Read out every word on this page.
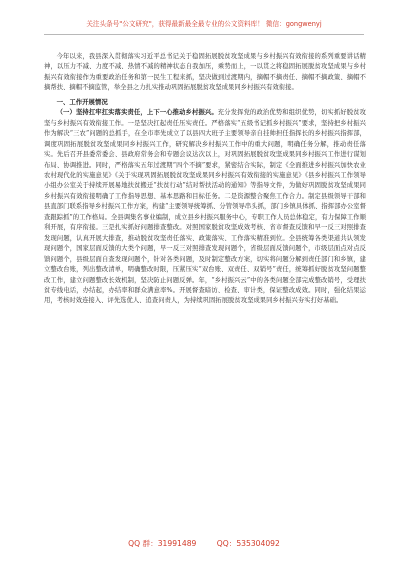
关注头条号"公文研究"，获得最新最全最专业的公文资料库！ 微信：gongwenyj

今年以来，我县深入贯彻落实习近平总书记关于稳固拓展脱贫攻坚成果与乡村振兴有效衔接的系列重要讲话精神，以压力不减、力度不减、热情不减的精神状态自我加压，乘势而上，一以贯之将稳固拓展脱贫攻坚成果与乡村振兴有效衔接作为重要政治任务和第一民生工程来抓，坚决做到过渡期内，摘帽不摘责任、摘帽不摘政策、摘帽不摘帮扶、摘帽不摘监管，举全县之力扎实推动巩固拓展脱贫攻坚成果同乡村振兴有效衔接。

一、工作开展情况

（一）坚持扛牢扛实落实责任，上下一心推动乡村振兴。充分发挥党的政治优势和组织优势，切实抓好脱贫攻坚与乡村振兴有效衔接工作。一是坚决扛起责任压实责任。严格落实“五级书记抓乡村振兴”要求，坚持把乡村振兴作为解决“三农”问题的总抓手，在全市率先成立了以县四大班子主要领导亲自挂帅担任指挥长的乡村振兴指挥部，调度巩固拓展脱贫攻坚成果同乡村振兴工作，研究解决乡村振兴工作中的重大问题，明确任务分解，推动责任落实。先后召开县委常委会、县政府常务会和专题会议达次以上，对巩固拓展脱贫攻坚成果同乡村振兴工作进行谋划布局、协调推进。同时，严格落实五年过渡期“四个不摘”要求，紧密结合实际，制定《全面推进乡村振兴加快农业农村现代化的实施意见》《关于实现巩固拓展脱贫攻坚成果同乡村振兴有效衔接的实施意见》《县乡村振兴工作领导小组办公室关于持续开展易地扶贫搬迁“扶贫行动”结对帮扶活动的通知》等指导文件，为做好巩固脱贫攻坚成果同乡村振兴有效衔接明确了工作指导思想、基本思路和目标任务。二是资源整合聚焦工作合力。制定县级领导干部和县直部门联系指导乡村振兴工作方案，构建“主要领导统筹抓、分管领导串头抓，部门乡镇具体抓、指挥部办公室督查跟踪抓”的工作格局。全县调集名事业编制，成立县乡村振兴服务中心，专职工作人员总体稳定，有力保障工作顺利开展，有序衔接。三是扎实抓好问题排查整改。对照国家脱贫攻坚成效考核、省市督查反馈和早一反三对照排查发现问题，认真开展大排查，推动脱贫攻坚责任落实、政策落实、工作落实精准到位。全县统筹各类渠道共认领发现问题个，国家层面反馈的大类个问题，早一反三对照排查发现问题个，省级层面反馈问题个，市级层面点对点反馈问题个，县级层面自查发现问题个，针对各类问题，及时制定整改方案，切实将问题分解到责任部门和乡镇，建立整改台账，列出整改清单，明确整改时限，压紧压实“双台账、双责任、双销号”责任，统筹抓好脱贫攻坚问题整改工作，建立问题整改长效机制，坚决防止问题反弹。年，“乡村振兴云”中的各类问题全部完成整改销号，受理扶贫专线电话，办结起，办结率和群众满意率%。开展督查暗访、检查、审计类，保证整改成效。同时，强化结果运用，考核时效连接入、评先选优人、追查问责人，为持续巩固拓展脱贫攻坚成果同乡村振兴夯实打好基础。

QQ 群：31991489	QQ：535304092
